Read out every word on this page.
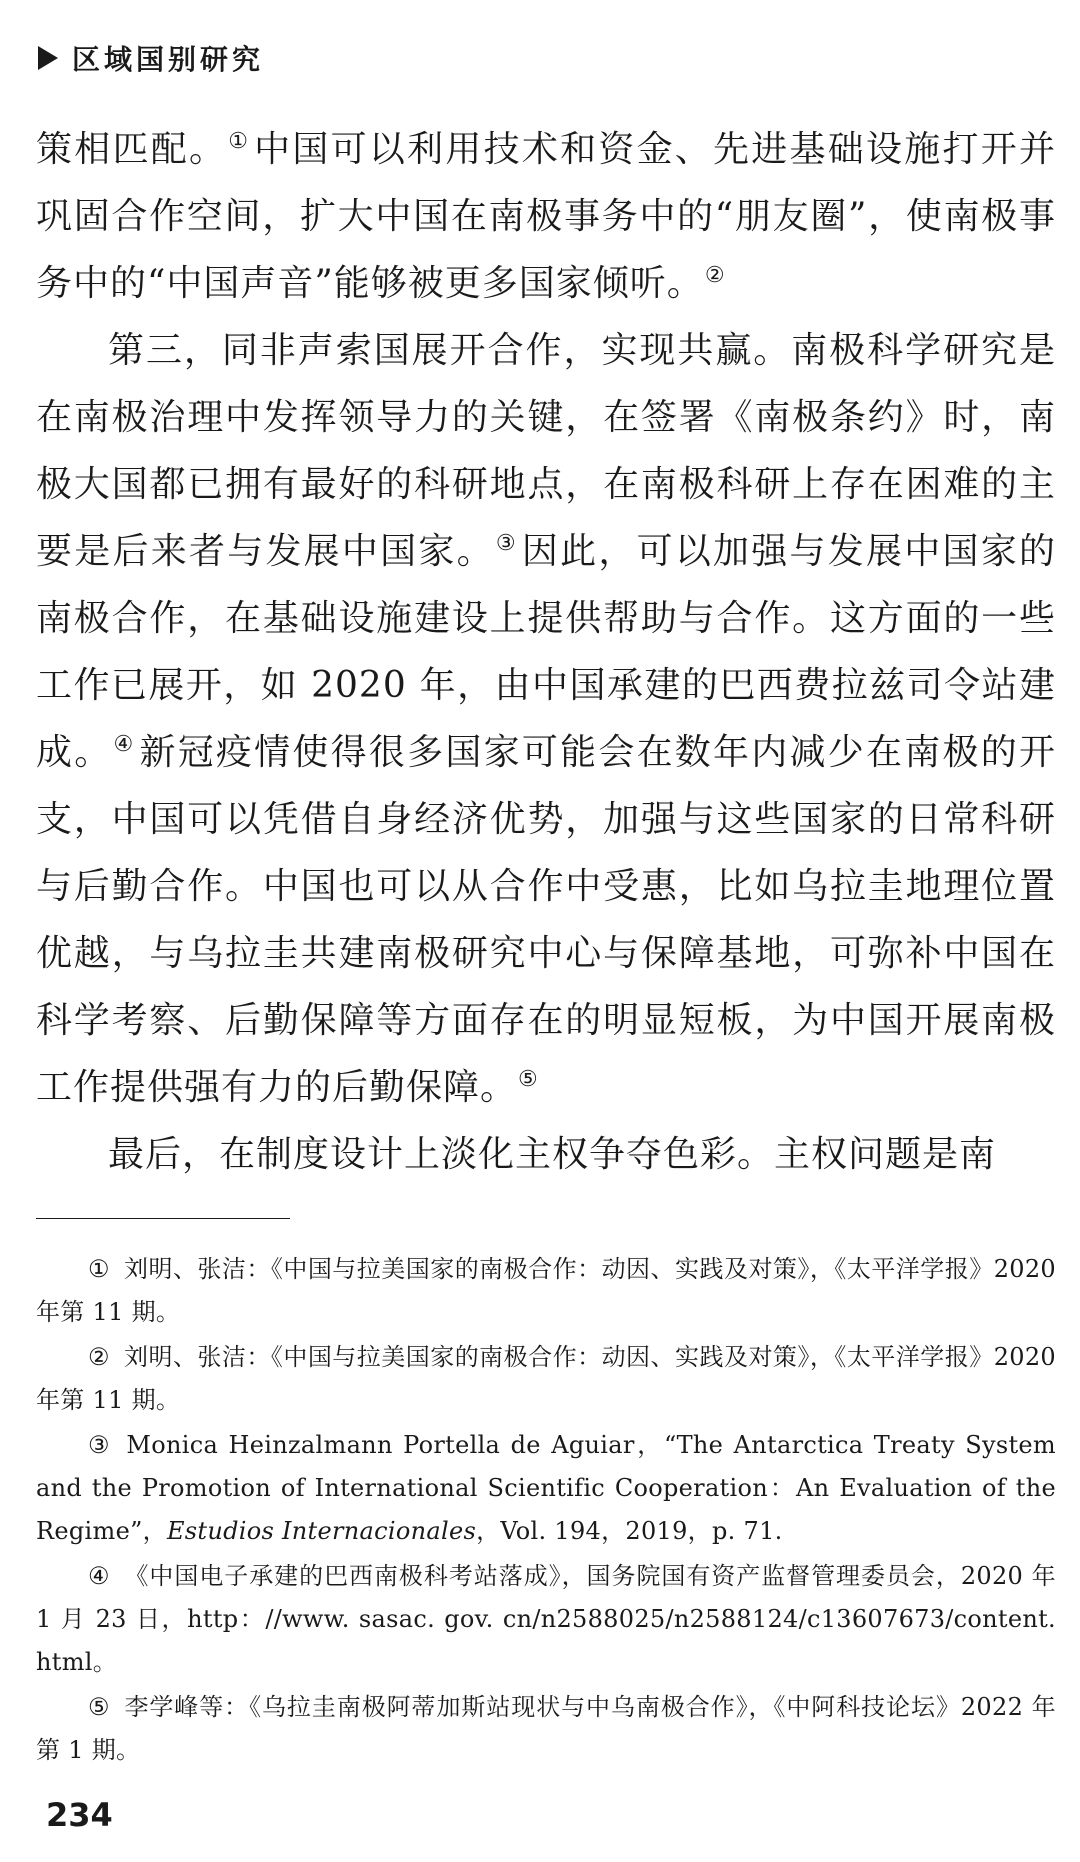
区域国别研究

策相匹配。① 中国可以利用技术和资金、先进基础设施打开并巩固合作空间，扩大中国在南极事务中的“朋友圈”，使南极事务中的“中国声音”能够被更多国家倾听。②

第三，同非声索国展开合作，实现共赢。南极科学研究是在南极治理中发挥领导力的关键，在签署《南极条约》时，南极大国都已拥有最好的科研地点，在南极科研上存在困难的主要是后来者与发展中国家。③ 因此，可以加强与发展中国家的南极合作，在基础设施建设上提供帮助与合作。这方面的一些工作已展开，如 2020 年，由中国承建的巴西费拉兹司令站建成。④ 新冠疫情使得很多国家可能会在数年内减少在南极的开支，中国可以凭借自身经济优势，加强与这些国家的日常科研与后勤合作。中国也可以从合作中受惠，比如乌拉圭地理位置优越，与乌拉圭共建南极研究中心与保障基地，可弥补中国在科学考察、后勤保障等方面存在的明显短板，为中国开展南极工作提供强有力的后勤保障。⑤

最后，在制度设计上淡化主权争夺色彩。主权问题是南

① 刘明、张洁：《中国与拉美国家的南极合作：动因、实践及对策》，《太平洋学报》2020 年第 11 期。

② 刘明、张洁：《中国与拉美国家的南极合作：动因、实践及对策》，《太平洋学报》2020 年第 11 期。

③ Monica Heinzalmann Portella de Aguiar，“The Antarctica Treaty System and the Promotion of International Scientific Cooperation：An Evaluation of the Regime”，Estudios Internacionales，Vol. 194，2019，p. 71.

④ 《中国电子承建的巴西南极科考站落成》，国务院国有资产监督管理委员会，2020 年 1 月 23 日，http：//www. sasac. gov. cn/n2588025/n2588124/c13607673/content. html。

⑤ 李学峰等：《乌拉圭南极阿蒂加斯站现状与中乌南极合作》，《中阿科技论坛》2022 年第 1 期。

234
